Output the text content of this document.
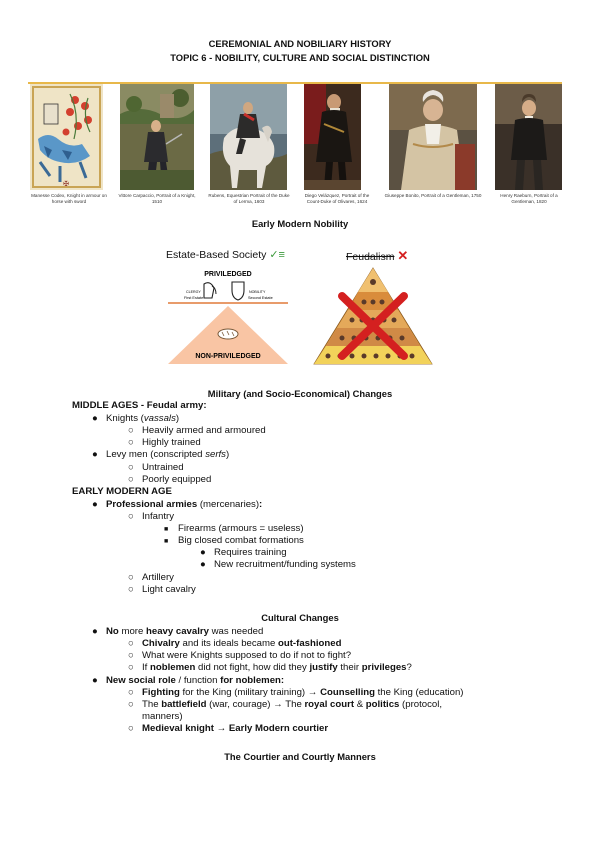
CEREMONIAL AND NOBILIARY HISTORY
TOPIC 6 - NOBILITY, CULTURE AND SOCIAL DISTINCTION
✠
Manesse Codex, Knight in armour on horse with sword
Vittore Carpaccio, Portrait of a Knight, 1510
Rubens, Equestrian Portrait of the Duke of Lerma, 1603
Diego Velázquez, Portrait of the Count-Duke of Olivares, 1624
Giuseppe Bonito, Portrait of a Gentleman, 1750	Henry Raeburn, Portrait of a Gentleman, 1820
Early Modern Nobility
Estate-Based Society ✓≡
PRIVILEDGED
CLERGY
First Estate
NOBILITY
Second Estate
NON-PRIVILEDGED
Feudalism ✕
Military (and Socio-Economical) Changes
MIDDLE AGES - Feudal army:
● Knights (vassals)
○ Heavily armed and armoured
○ Highly trained
● Levy men (conscripted serfs)
○ Untrained
○ Poorly equipped
EARLY MODERN AGE
● Professional armies (mercenaries):
○ Infantry
■ Firearms (armours = useless)
■ Big closed combat formations
● Requires training
● New recruitment/funding systems
○ Artillery
○ Light cavalry
Cultural Changes
● No more heavy cavalry was needed
○ Chivalry and its ideals became out-fashioned
○ What were Knights supposed to do if not to fight?
○ If noblemen did not fight, how did they justify their privileges?
● New social role / function for noblemen:
○ Fighting for the King (military training) → Counselling the King (education)
○ The battlefield (war, courage) → The royal court & politics (protocol,
manners)
○ Medieval knight → Early Modern courtier
The Courtier and Courtly Manners
